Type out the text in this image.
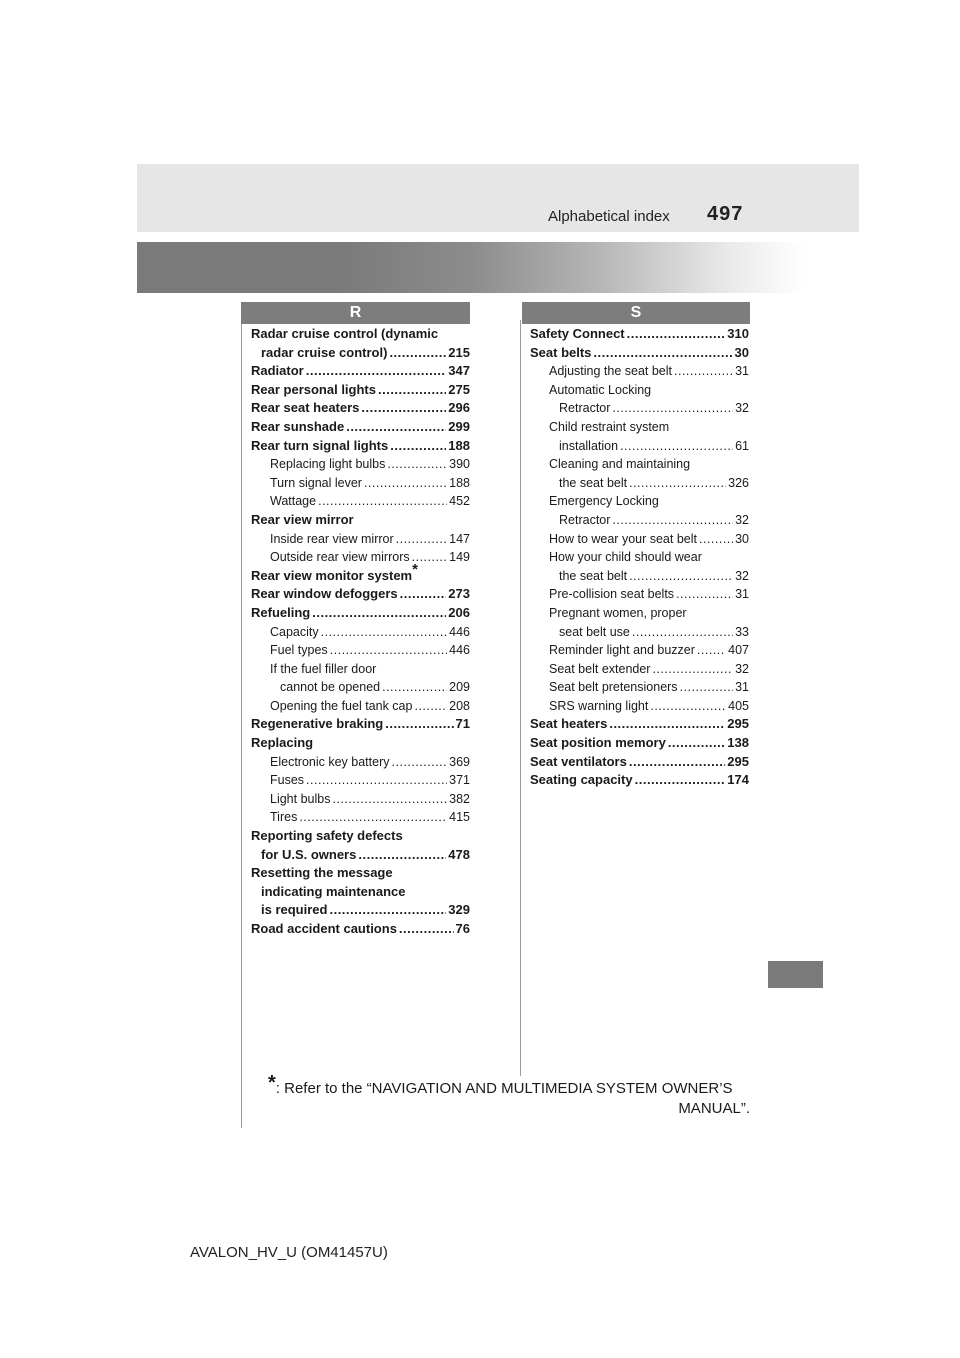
Alphabetical index 497
R	S
Radar cruise control (dynamic
radar cruise control) .....	215
Radiator .....	347
Rear personal lights .....	275
Rear seat heaters .....	296
Rear sunshade .....	299
Rear turn signal lights .....	188
Replacing light bulbs .....	390
Turn signal lever .....	188
Wattage .....	452
Rear view mirror
Inside rear view mirror .....	147
Outside rear view mirrors .....	149
Rear view monitor system*
Rear window defoggers .....	273
Refueling .....	206
Capacity .....	446
Fuel types .....	446
If the fuel filler door
cannot be opened .....	209
Opening the fuel tank cap .....	208
Regenerative braking .....	71
Replacing
Electronic key battery .....	369
Fuses .....	371
Light bulbs .....	382
Tires .....	415
Reporting safety defects
for U.S. owners .....	478
Resetting the message
indicating maintenance
is required .....	329
Road accident cautions .....	76
Safety Connect .....	310
Seat belts .....	30
Adjusting the seat belt .....	31
Automatic Locking
Retractor .....	32
Child restraint system
installation .....	61
Cleaning and maintaining
the seat belt .....	326
Emergency Locking
Retractor .....	32
How to wear your seat belt .....	30
How your child should wear
the seat belt .....	32
Pre-collision seat belts .....	31
Pregnant women, proper
seat belt use .....	33
Reminder light and buzzer .....	407
Seat belt extender .....	32
Seat belt pretensioners .....	31
SRS warning light .....	405
Seat heaters .....	295
Seat position memory .....	138
Seat ventilators .....	295
Seating capacity .....	174
*: Refer to the “NAVIGATION AND MULTIMEDIA SYSTEM OWNER’S
MANUAL”.
AVALON_HV_U (OM41457U)
